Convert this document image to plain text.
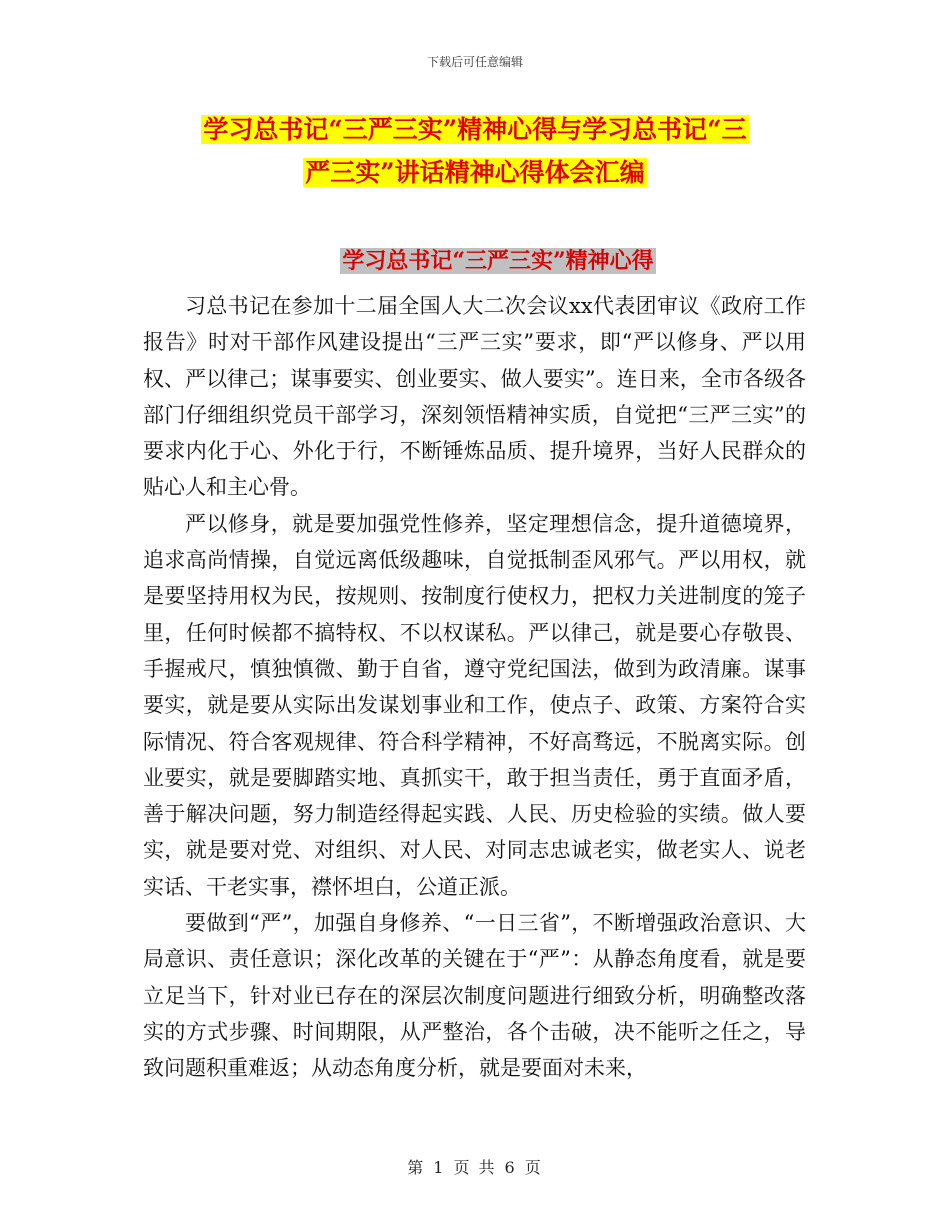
下载后可任意编辑
学习总书记“三严三实”精神心得与学习总书记“三
严三实”讲话精神心得体会汇编
学习总书记“三严三实”精神心得

习总书记在参加十二届全国人大二次会议xx代表团审议《政府工作报告》时对干部作风建设提出“三严三实”要求，即“严以修身、严以用权、严以律己；谋事要实、创业要实、做人要实”。连日来，全市各级各部门仔细组织党员干部学习，深刻领悟精神实质，自觉把“三严三实”的要求内化于心、外化于行，不断锤炼品质、提升境界，当好人民群众的贴心人和主心骨。

严以修身，就是要加强党性修养，坚定理想信念，提升道德境界，追求高尚情操，自觉远离低级趣味，自觉抵制歪风邪气。严以用权，就是要坚持用权为民，按规则、按制度行使权力，把权力关进制度的笼子里，任何时候都不搞特权、不以权谋私。严以律己，就是要心存敬畏、手握戒尺，慎独慎微、勤于自省，遵守党纪国法，做到为政清廉。谋事要实，就是要从实际出发谋划事业和工作，使点子、政策、方案符合实际情况、符合客观规律、符合科学精神，不好高骛远，不脱离实际。创业要实，就是要脚踏实地、真抓实干，敢于担当责任，勇于直面矛盾，善于解决问题，努力制造经得起实践、人民、历史检验的实绩。做人要实，就是要对党、对组织、对人民、对同志忠诚老实，做老实人、说老实话、干老实事，襟怀坦白，公道正派。

要做到“严”，加强自身修养、“一日三省”，不断增强政治意识、大局意识、责任意识；深化改革的关键在于“严”：从静态角度看，就是要立足当下，针对业已存在的深层次制度问题进行细致分析，明确整改落实的方式步骤、时间期限，从严整治，各个击破，决不能听之任之，导致问题积重难返；从动态角度分析，就是要面对未来，

第 1 页 共 6 页
